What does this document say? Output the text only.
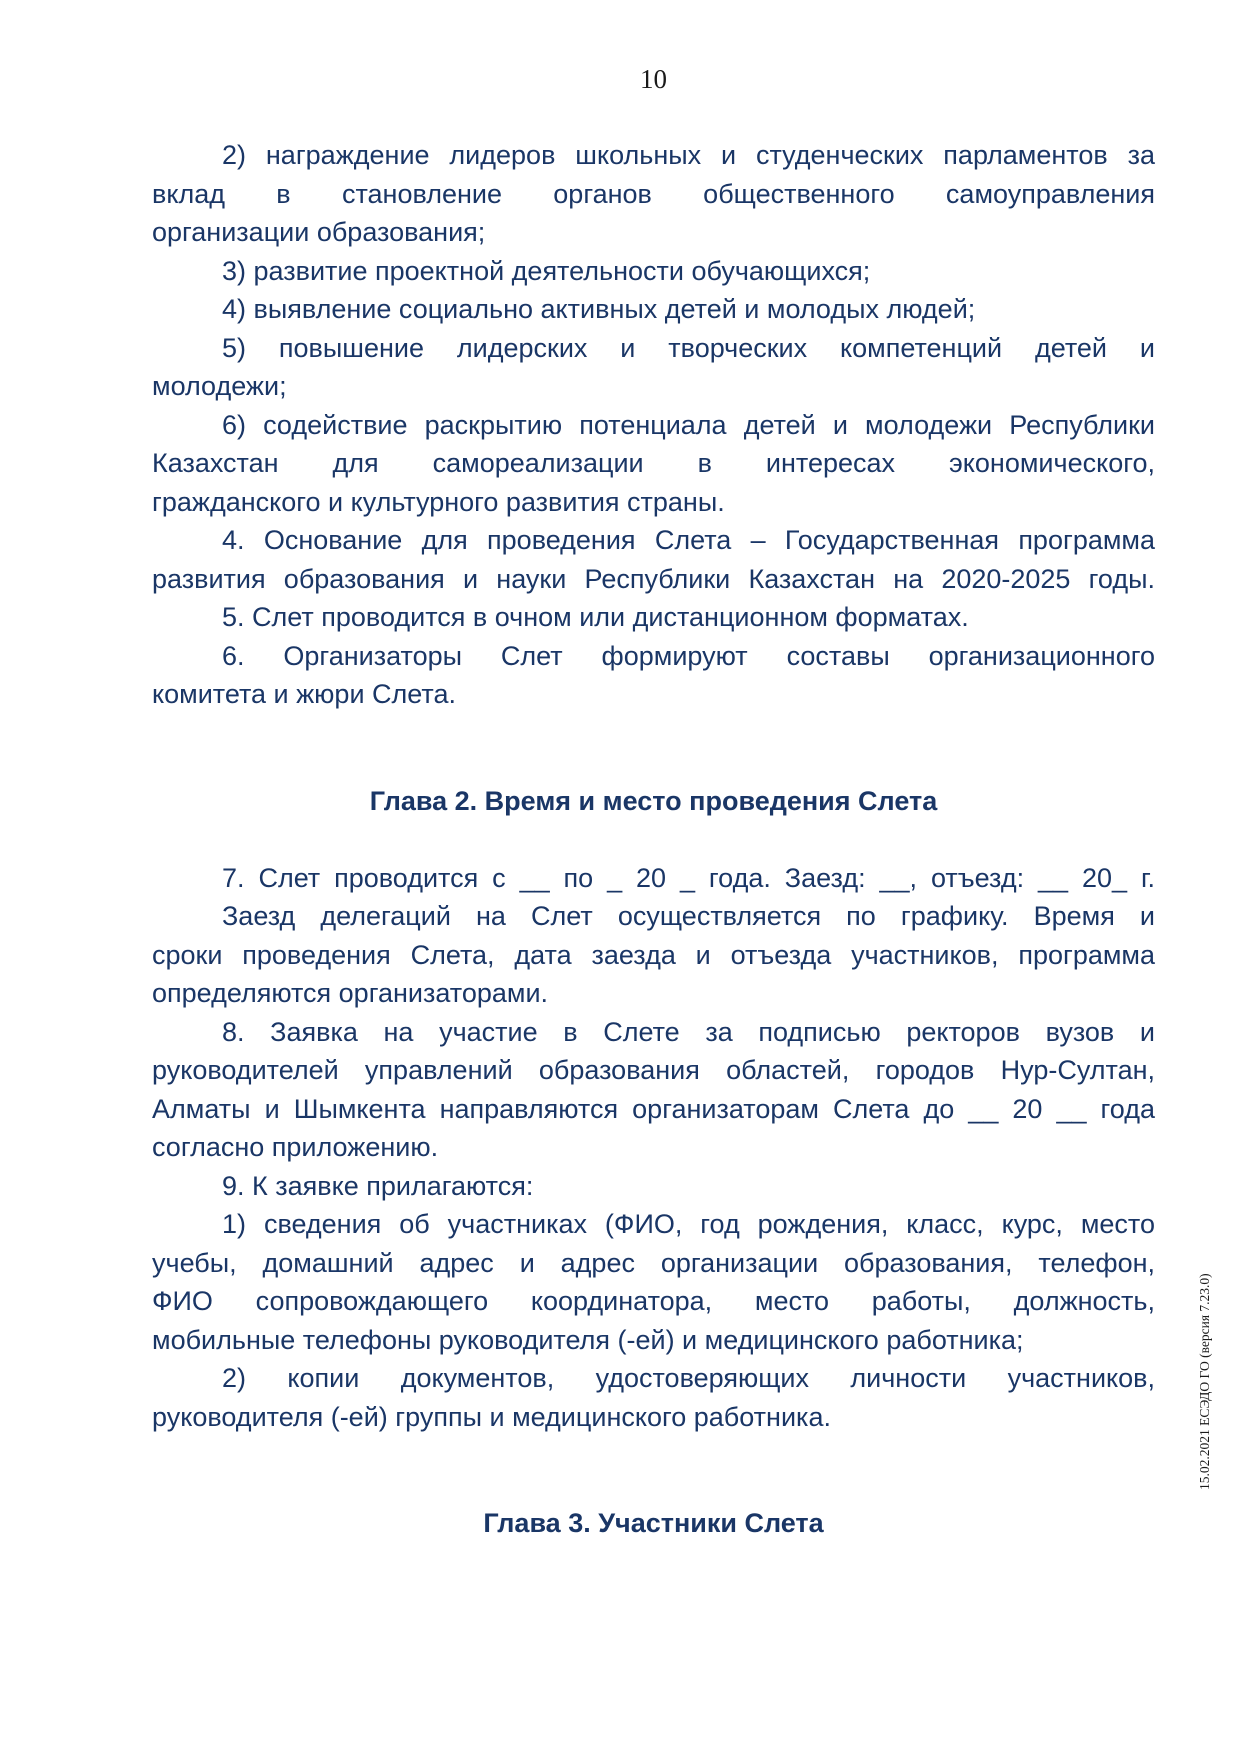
10
2) награждение лидеров школьных и студенческих парламентов за
вклад в становление органов общественного самоуправления
организации образования;
3) развитие проектной деятельности обучающихся;
4) выявление социально активных детей и молодых людей;
5) повышение лидерских и творческих компетенций детей и
молодежи;
6) содействие раскрытию потенциала детей и молодежи Республики
Казахстан для самореализации в интересах экономического,
гражданского и культурного развития страны.
4. Основание для проведения Слета – Государственная программа
развития образования и науки Республики Казахстан на 2020-2025 годы.
5. Слет проводится в очном или дистанционном форматах.
6. Организаторы Слет формируют составы организационного
комитета и жюри Слета.
Глава 2. Время и место проведения Слета
7. Слет проводится с __ по _ 20 _ года. Заезд: __, отъезд: __ 20_ г.
Заезд делегаций на Слет осуществляется по графику. Время и
сроки проведения Слета, дата заезда и отъезда участников, программа
определяются организаторами.
8. Заявка на участие в Слете за подписью ректоров вузов и
руководителей управлений образования областей, городов Нур-Султан,
Алматы и Шымкента направляются организаторам Слета до __ 20 __ года
согласно приложению.
9. К заявке прилагаются:
1) сведения об участниках (ФИО, год рождения, класс, курс, место
учебы, домашний адрес и адрес организации образования, телефон,
ФИО сопровождающего координатора, место работы, должность,
мобильные телефоны руководителя (-ей) и медицинского работника;
2) копии документов, удостоверяющих личности участников,
руководителя (-ей) группы и медицинского работника.
Глава 3. Участники Слета
15.02.2021 ЕСЭДО ГО (версия 7.23.0)
